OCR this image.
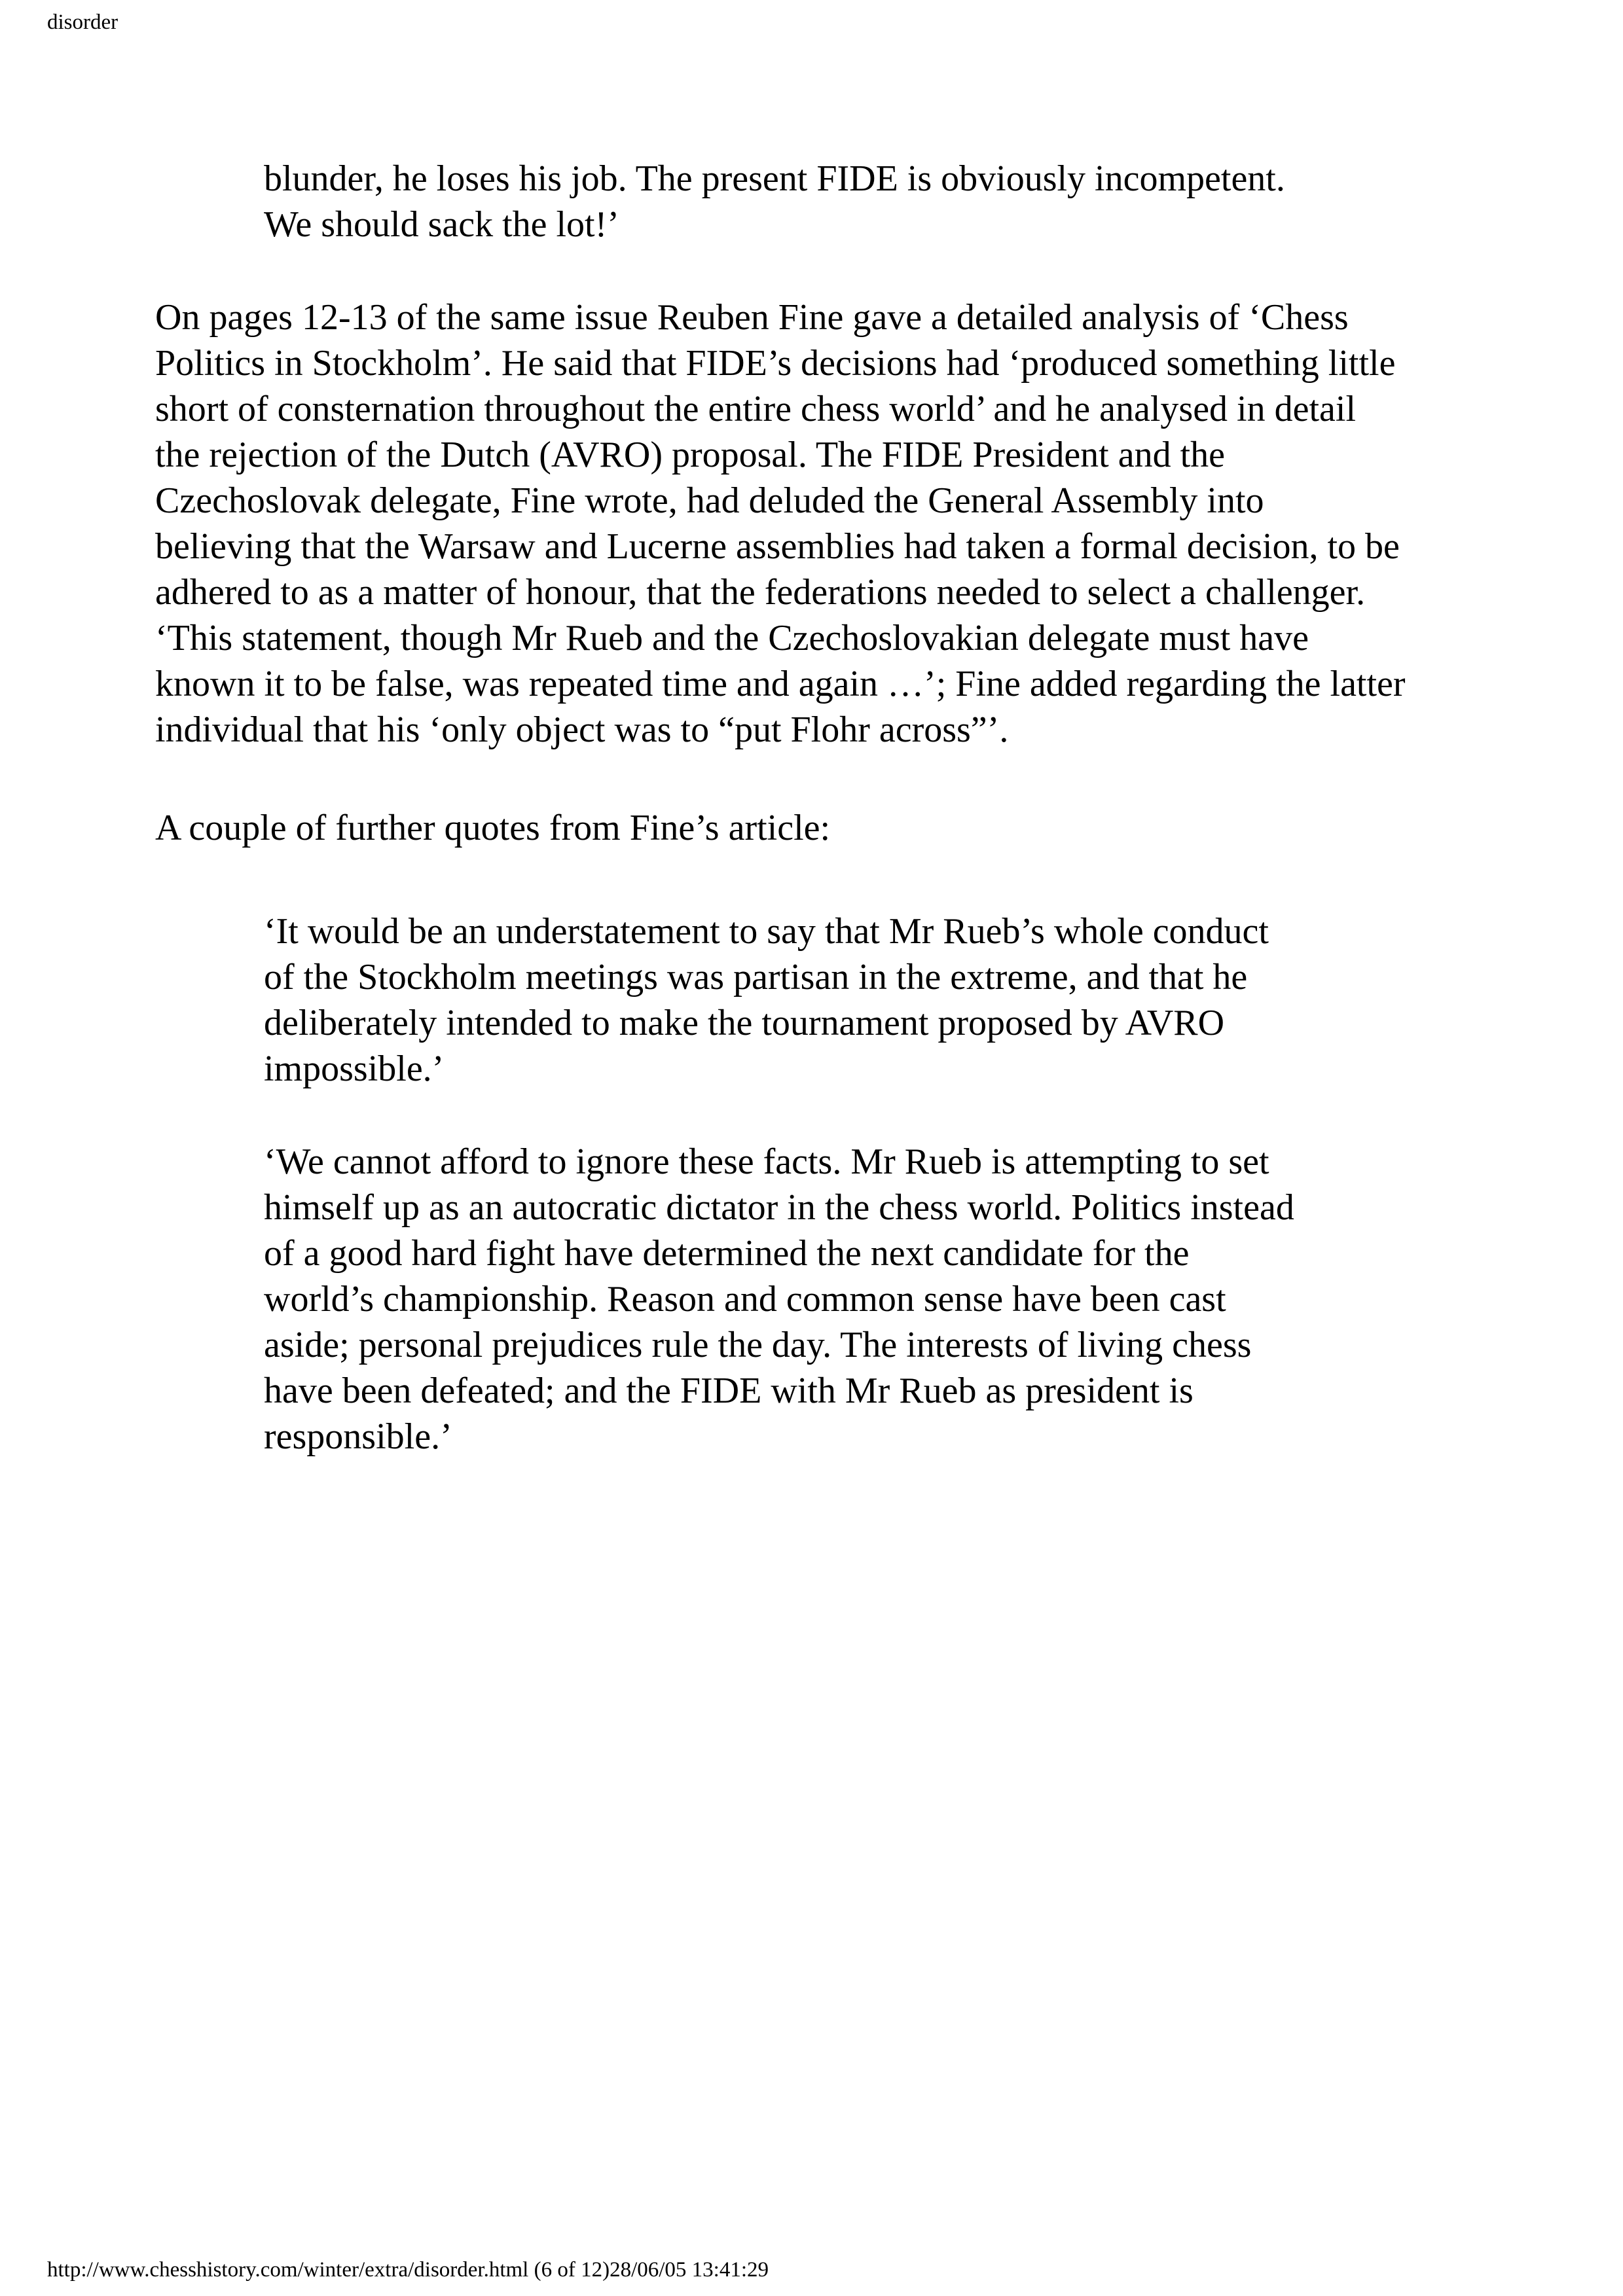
disorder
blunder, he loses his job. The present FIDE is obviously incompetent.
We should sack the lot!’
On pages 12-13 of the same issue Reuben Fine gave a detailed analysis of ‘Chess
Politics in Stockholm’. He said that FIDE’s decisions had ‘produced something little
short of consternation throughout the entire chess world’ and he analysed in detail
the rejection of the Dutch (AVRO) proposal. The FIDE President and the
Czechoslovak delegate, Fine wrote, had deluded the General Assembly into
believing that the Warsaw and Lucerne assemblies had taken a formal decision, to be
adhered to as a matter of honour, that the federations needed to select a challenger.
‘This statement, though Mr Rueb and the Czechoslovakian delegate must have
known it to be false, was repeated time and again …’; Fine added regarding the latter
individual that his ‘only object was to “put Flohr across”’.
A couple of further quotes from Fine’s article:
‘It would be an understatement to say that Mr Rueb’s whole conduct
of the Stockholm meetings was partisan in the extreme, and that he
deliberately intended to make the tournament proposed by AVRO
impossible.’
‘We cannot afford to ignore these facts. Mr Rueb is attempting to set
himself up as an autocratic dictator in the chess world. Politics instead
of a good hard fight have determined the next candidate for the
world’s championship. Reason and common sense have been cast
aside; personal prejudices rule the day. The interests of living chess
have been defeated; and the FIDE with Mr Rueb as president is
responsible.’
http://www.chesshistory.com/winter/extra/disorder.html (6 of 12)28/06/05 13:41:29
